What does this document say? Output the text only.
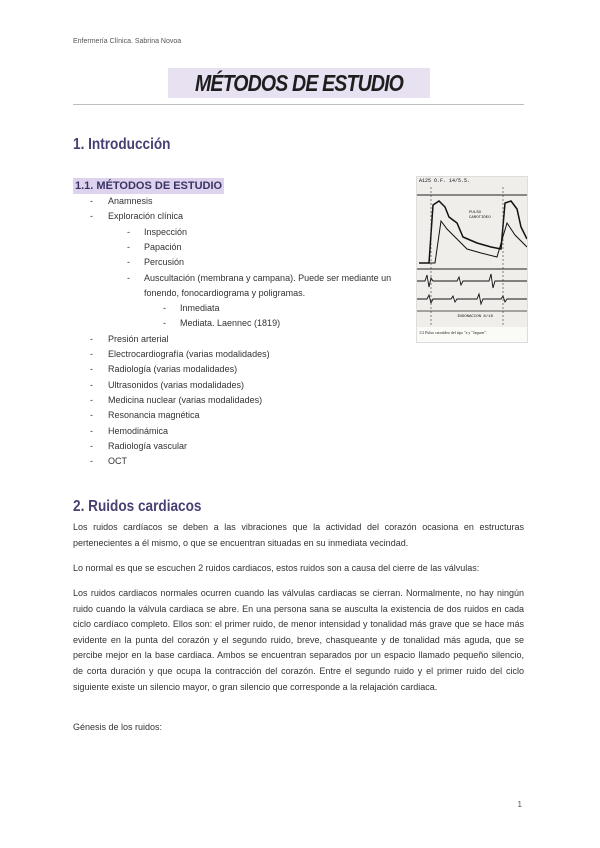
Enfermería Clínica. Sabrina Novoa
MÉTODOS DE ESTUDIO
1. Introducción
1.1. MÉTODOS DE ESTUDIO
- Anamnesis
- Exploración clínica
- Inspección
- Papación
- Percusión
- Auscultación (membrana y campana). Puede ser mediante un
fonendo, fonocardiograma y poligramas.
- Inmediata
- Mediata. Laennec (1819)
- Presión arterial
- Electrocardiografía (varias modalidades)
- Radiología (varias modalidades)
- Ultrasonidos (varias modalidades)
- Medicina nuclear (varias modalidades)
- Resonancia magnética
- Hemodinámica
- Radiología vascular
- OCT
A125 O.F. 14/5.5.
PULSO CAROTIDEO
INSONACION 8/10
1/2 Pulso carotídeo del tipo "a y "Jaquen".
2. Ruidos cardiacos
Los ruidos cardíacos se deben a las vibraciones que la actividad del corazón ocasiona en estructuras pertenecientes a él mismo, o que se encuentran situadas en su inmediata vecindad.
Lo normal es que se escuchen 2 ruidos cardiacos, estos ruidos son a causa del cierre de las válvulas:
Los ruidos cardiacos normales ocurren cuando las válvulas cardiacas se cierran. Normalmente, no hay ningún ruido cuando la válvula cardiaca se abre. En una persona sana se ausculta la existencia de dos ruidos en cada ciclo cardíaco completo. Ellos son: el primer ruido, de menor intensidad y tonalidad más grave que se hace más evidente en la punta del corazón y el segundo ruido, breve, chasqueante y de tonalidad más aguda, que se percibe mejor en la base cardiaca. Ambos se encuentran separados por un espacio llamado pequeño silencio, de corta duración y que ocupa la contracción del corazón. Entre el segundo ruido y el primer ruido del ciclo siguiente existe un silencio mayor, o gran silencio que corresponde a la relajación cardiaca.
Génesis de los ruidos:
1
